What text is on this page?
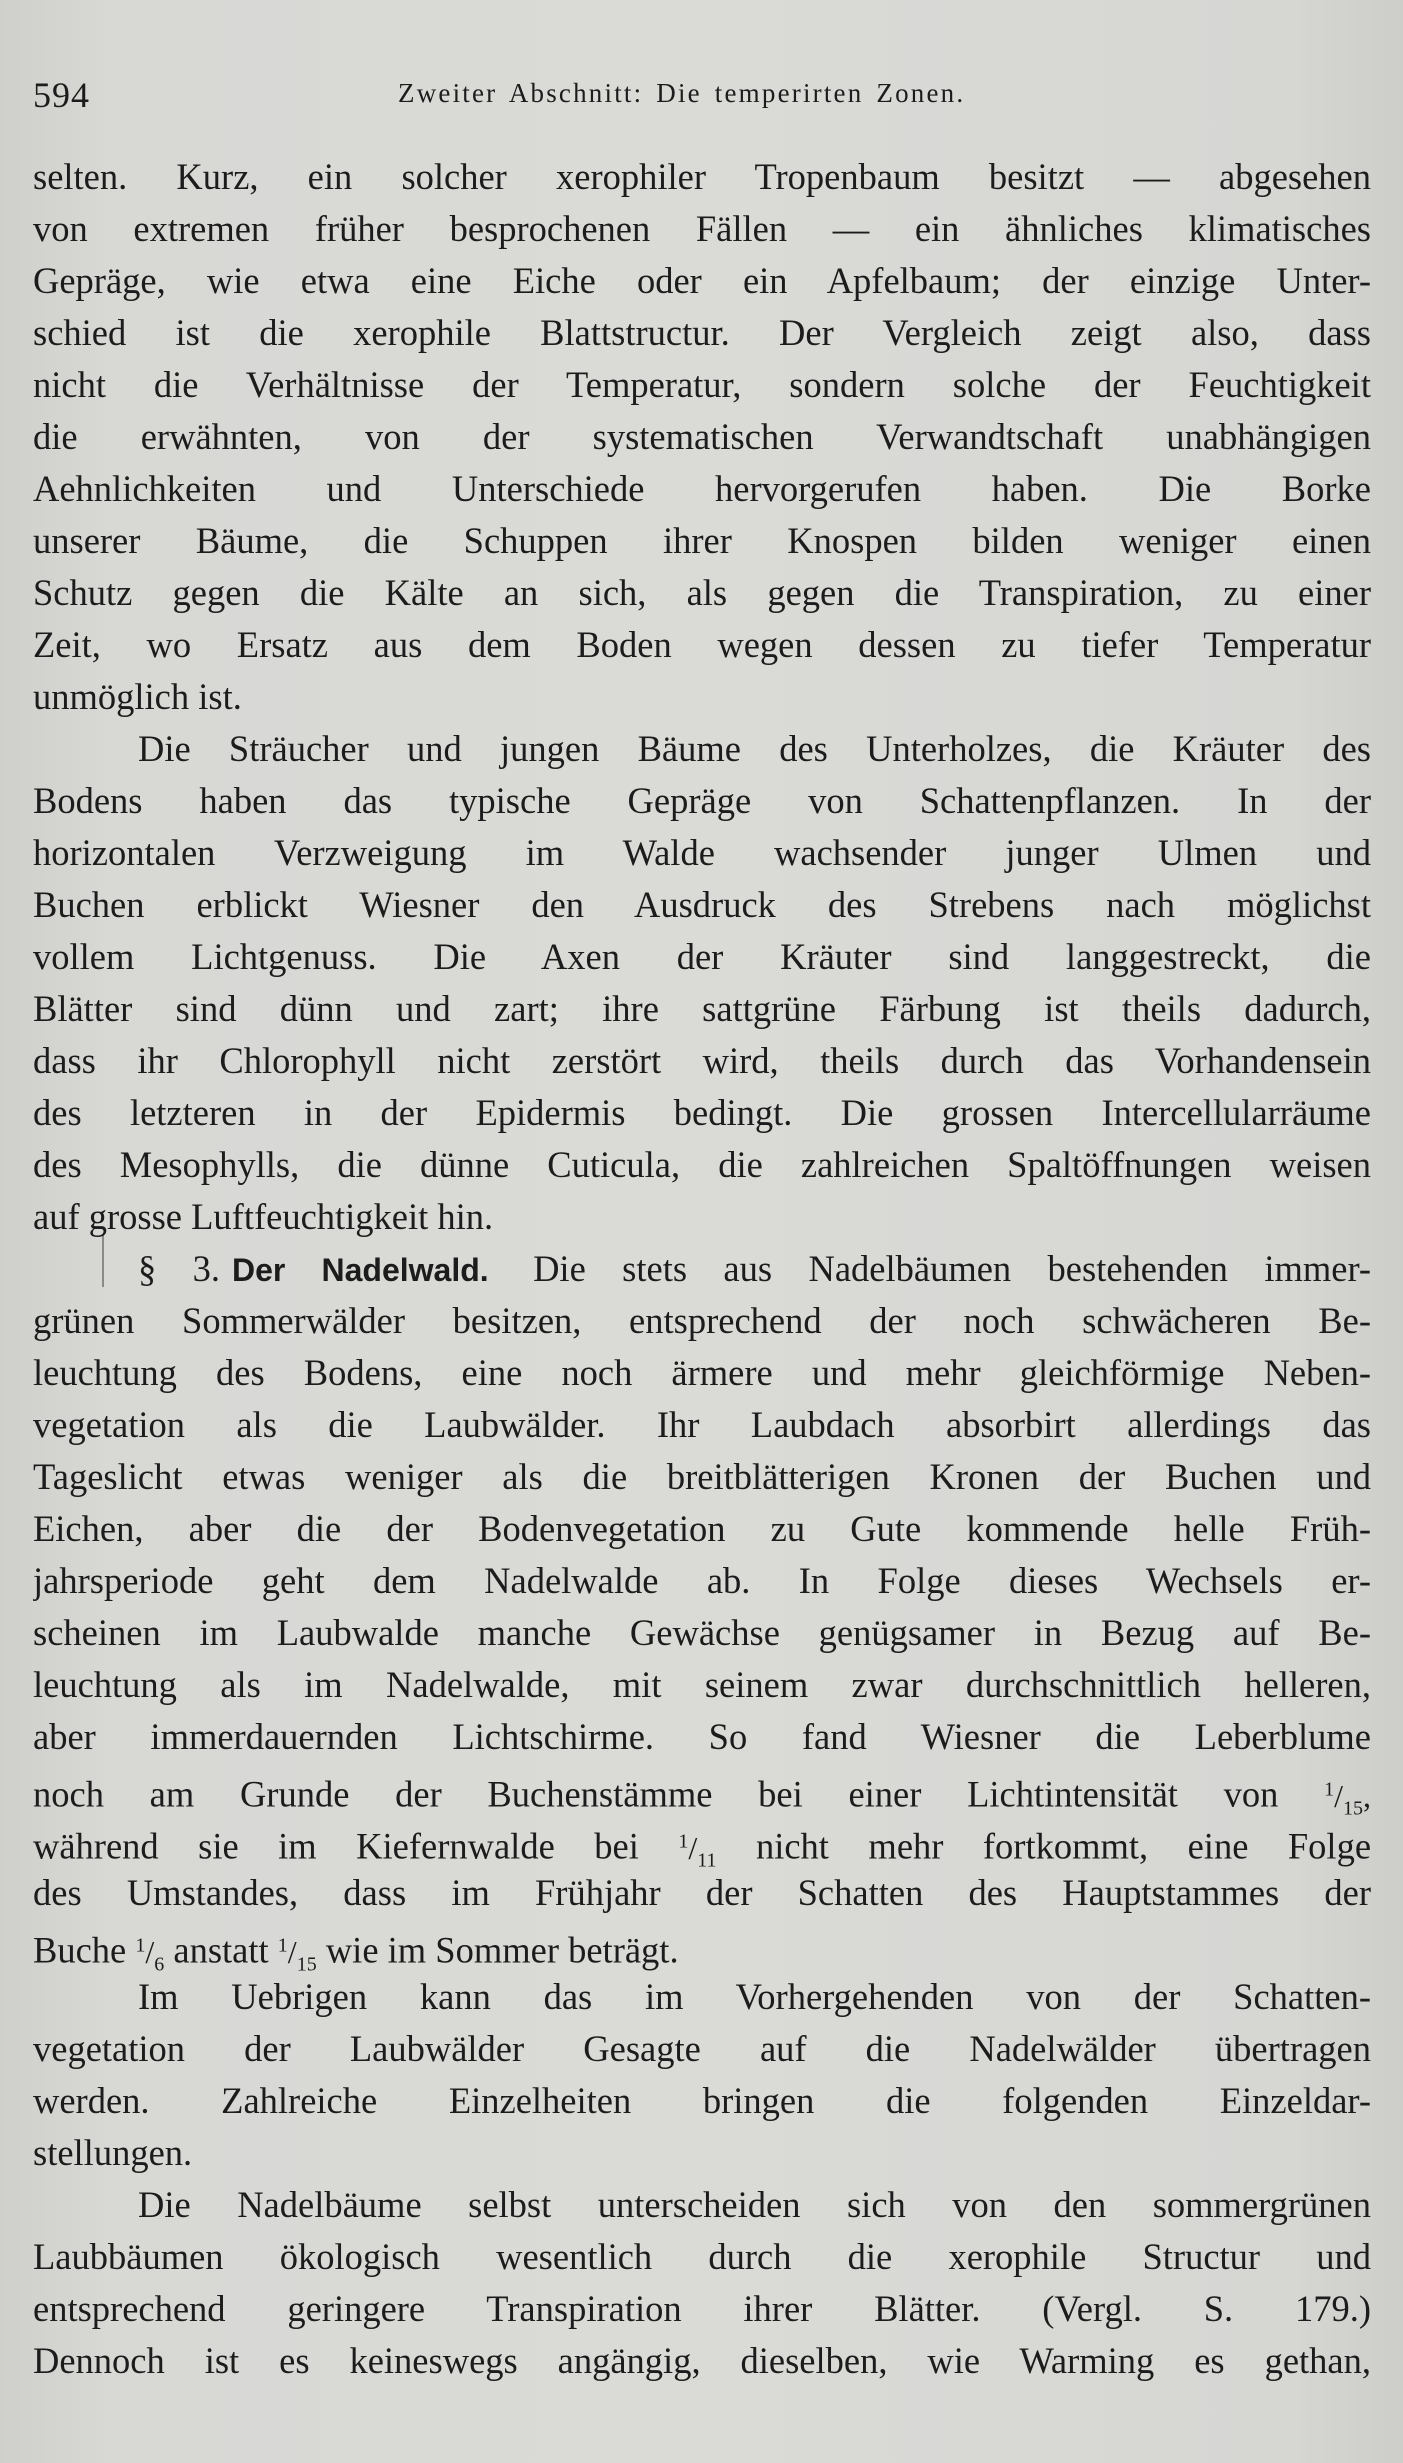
594	Zweiter Abschnitt: Die temperirten Zonen.
selten. Kurz, ein solcher xerophiler Tropenbaum besitzt — abgesehen
von extremen früher besprochenen Fällen — ein ähnliches klimatisches
Gepräge, wie etwa eine Eiche oder ein Apfelbaum; der einzige Unter-
schied ist die xerophile Blattstructur. Der Vergleich zeigt also, dass
nicht die Verhältnisse der Temperatur, sondern solche der Feuchtigkeit
die erwähnten, von der systematischen Verwandtschaft unabhängigen
Aehnlichkeiten und Unterschiede hervorgerufen haben. Die Borke
unserer Bäume, die Schuppen ihrer Knospen bilden weniger einen
Schutz gegen die Kälte an sich, als gegen die Transpiration, zu einer
Zeit, wo Ersatz aus dem Boden wegen dessen zu tiefer Temperatur
unmöglich ist.
Die Sträucher und jungen Bäume des Unterholzes, die Kräuter des
Bodens haben das typische Gepräge von Schattenpflanzen. In der
horizontalen Verzweigung im Walde wachsender junger Ulmen und
Buchen erblickt Wiesner den Ausdruck des Strebens nach möglichst
vollem Lichtgenuss. Die Axen der Kräuter sind langgestreckt, die
Blätter sind dünn und zart; ihre sattgrüne Färbung ist theils dadurch,
dass ihr Chlorophyll nicht zerstört wird, theils durch das Vorhandensein
des letzteren in der Epidermis bedingt. Die grossen Intercellularräume
des Mesophylls, die dünne Cuticula, die zahlreichen Spaltöffnungen weisen
auf grosse Luftfeuchtigkeit hin.
§ 3. Der Nadelwald. Die stets aus Nadelbäumen bestehenden immer-
grünen Sommerwälder besitzen, entsprechend der noch schwächeren Be-
leuchtung des Bodens, eine noch ärmere und mehr gleichförmige Neben-
vegetation als die Laubwälder. Ihr Laubdach absorbirt allerdings das
Tageslicht etwas weniger als die breitblätterigen Kronen der Buchen und
Eichen, aber die der Bodenvegetation zu Gute kommende helle Früh-
jahrsperiode geht dem Nadelwalde ab. In Folge dieses Wechsels er-
scheinen im Laubwalde manche Gewächse genügsamer in Bezug auf Be-
leuchtung als im Nadelwalde, mit seinem zwar durchschnittlich helleren,
aber immerdauernden Lichtschirme. So fand Wiesner die Leberblume
noch am Grunde der Buchenstämme bei einer Lichtintensität von $^1/_{15}$,
während sie im Kiefernwalde bei $^1/_{11}$ nicht mehr fortkommt, eine Folge
des Umstandes, dass im Frühjahr der Schatten des Hauptstammes der
Buche $^1/_6$ anstatt $^1/_{15}$ wie im Sommer beträgt.
Im Uebrigen kann das im Vorhergehenden von der Schatten-
vegetation der Laubwälder Gesagte auf die Nadelwälder übertragen
werden. Zahlreiche Einzelheiten bringen die folgenden Einzeldar-
stellungen.
Die Nadelbäume selbst unterscheiden sich von den sommergrünen
Laubbäumen ökologisch wesentlich durch die xerophile Structur und
entsprechend geringere Transpiration ihrer Blätter. (Vergl. S. 179.)
Dennoch ist es keineswegs angängig, dieselben, wie Warming es gethan,
